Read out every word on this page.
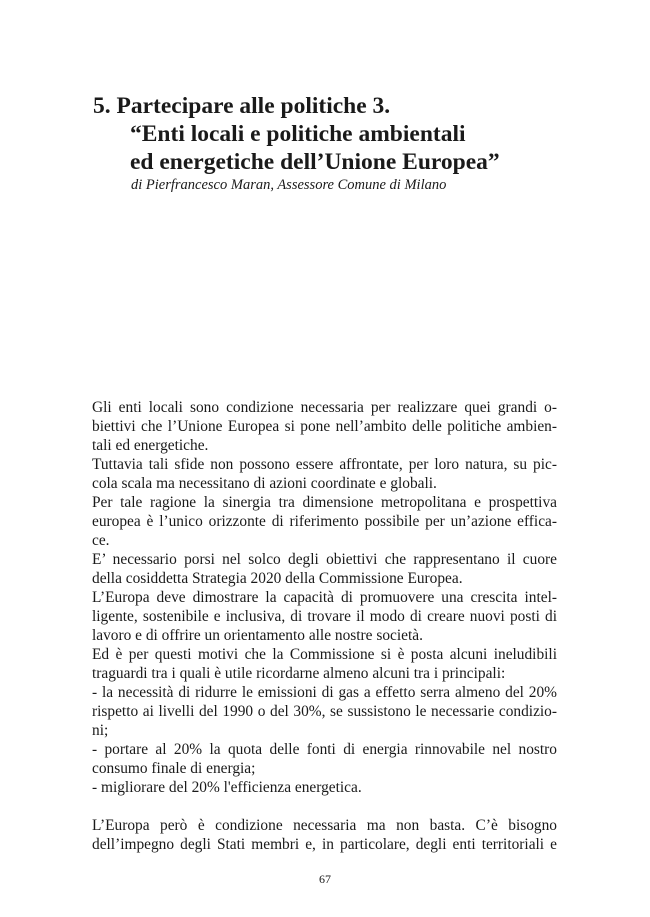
5. Partecipare alle politiche 3.
“Enti locali e politiche ambientali
ed energetiche dell’Unione Europea”
di Pierfrancesco Maran, Assessore Comune di Milano
Gli enti locali sono condizione necessaria per realizzare quei grandi o-
biettivi che l’Unione Europea si pone nell’ambito delle politiche ambien-
tali ed energetiche.
Tuttavia tali sfide non possono essere affrontate, per loro natura, su pic-
cola scala ma necessitano di azioni coordinate e globali.
Per tale ragione la sinergia tra dimensione metropolitana e prospettiva
europea è l’unico orizzonte di riferimento possibile per un’azione effica-
ce.
E’ necessario porsi nel solco degli obiettivi che rappresentano il cuore
della cosiddetta Strategia 2020 della Commissione Europea.
L’Europa deve dimostrare la capacità di promuovere una crescita intel-
ligente, sostenibile e inclusiva, di trovare il modo di creare nuovi posti di
lavoro e di offrire un orientamento alle nostre società.
Ed è per questi motivi che la Commissione si è posta alcuni ineludibili
traguardi tra i quali è utile ricordarne almeno alcuni tra i principali:
- la necessità di ridurre le emissioni di gas a effetto serra almeno del 20%
rispetto ai livelli del 1990 o del 30%, se sussistono le necessarie condizio-
ni;
- portare al 20% la quota delle fonti di energia rinnovabile nel nostro
consumo finale di energia;
- migliorare del 20% l'efficienza energetica.
L’Europa però è condizione necessaria ma non basta. C’è bisogno
dell’impegno degli Stati membri e, in particolare, degli enti territoriali e
67
